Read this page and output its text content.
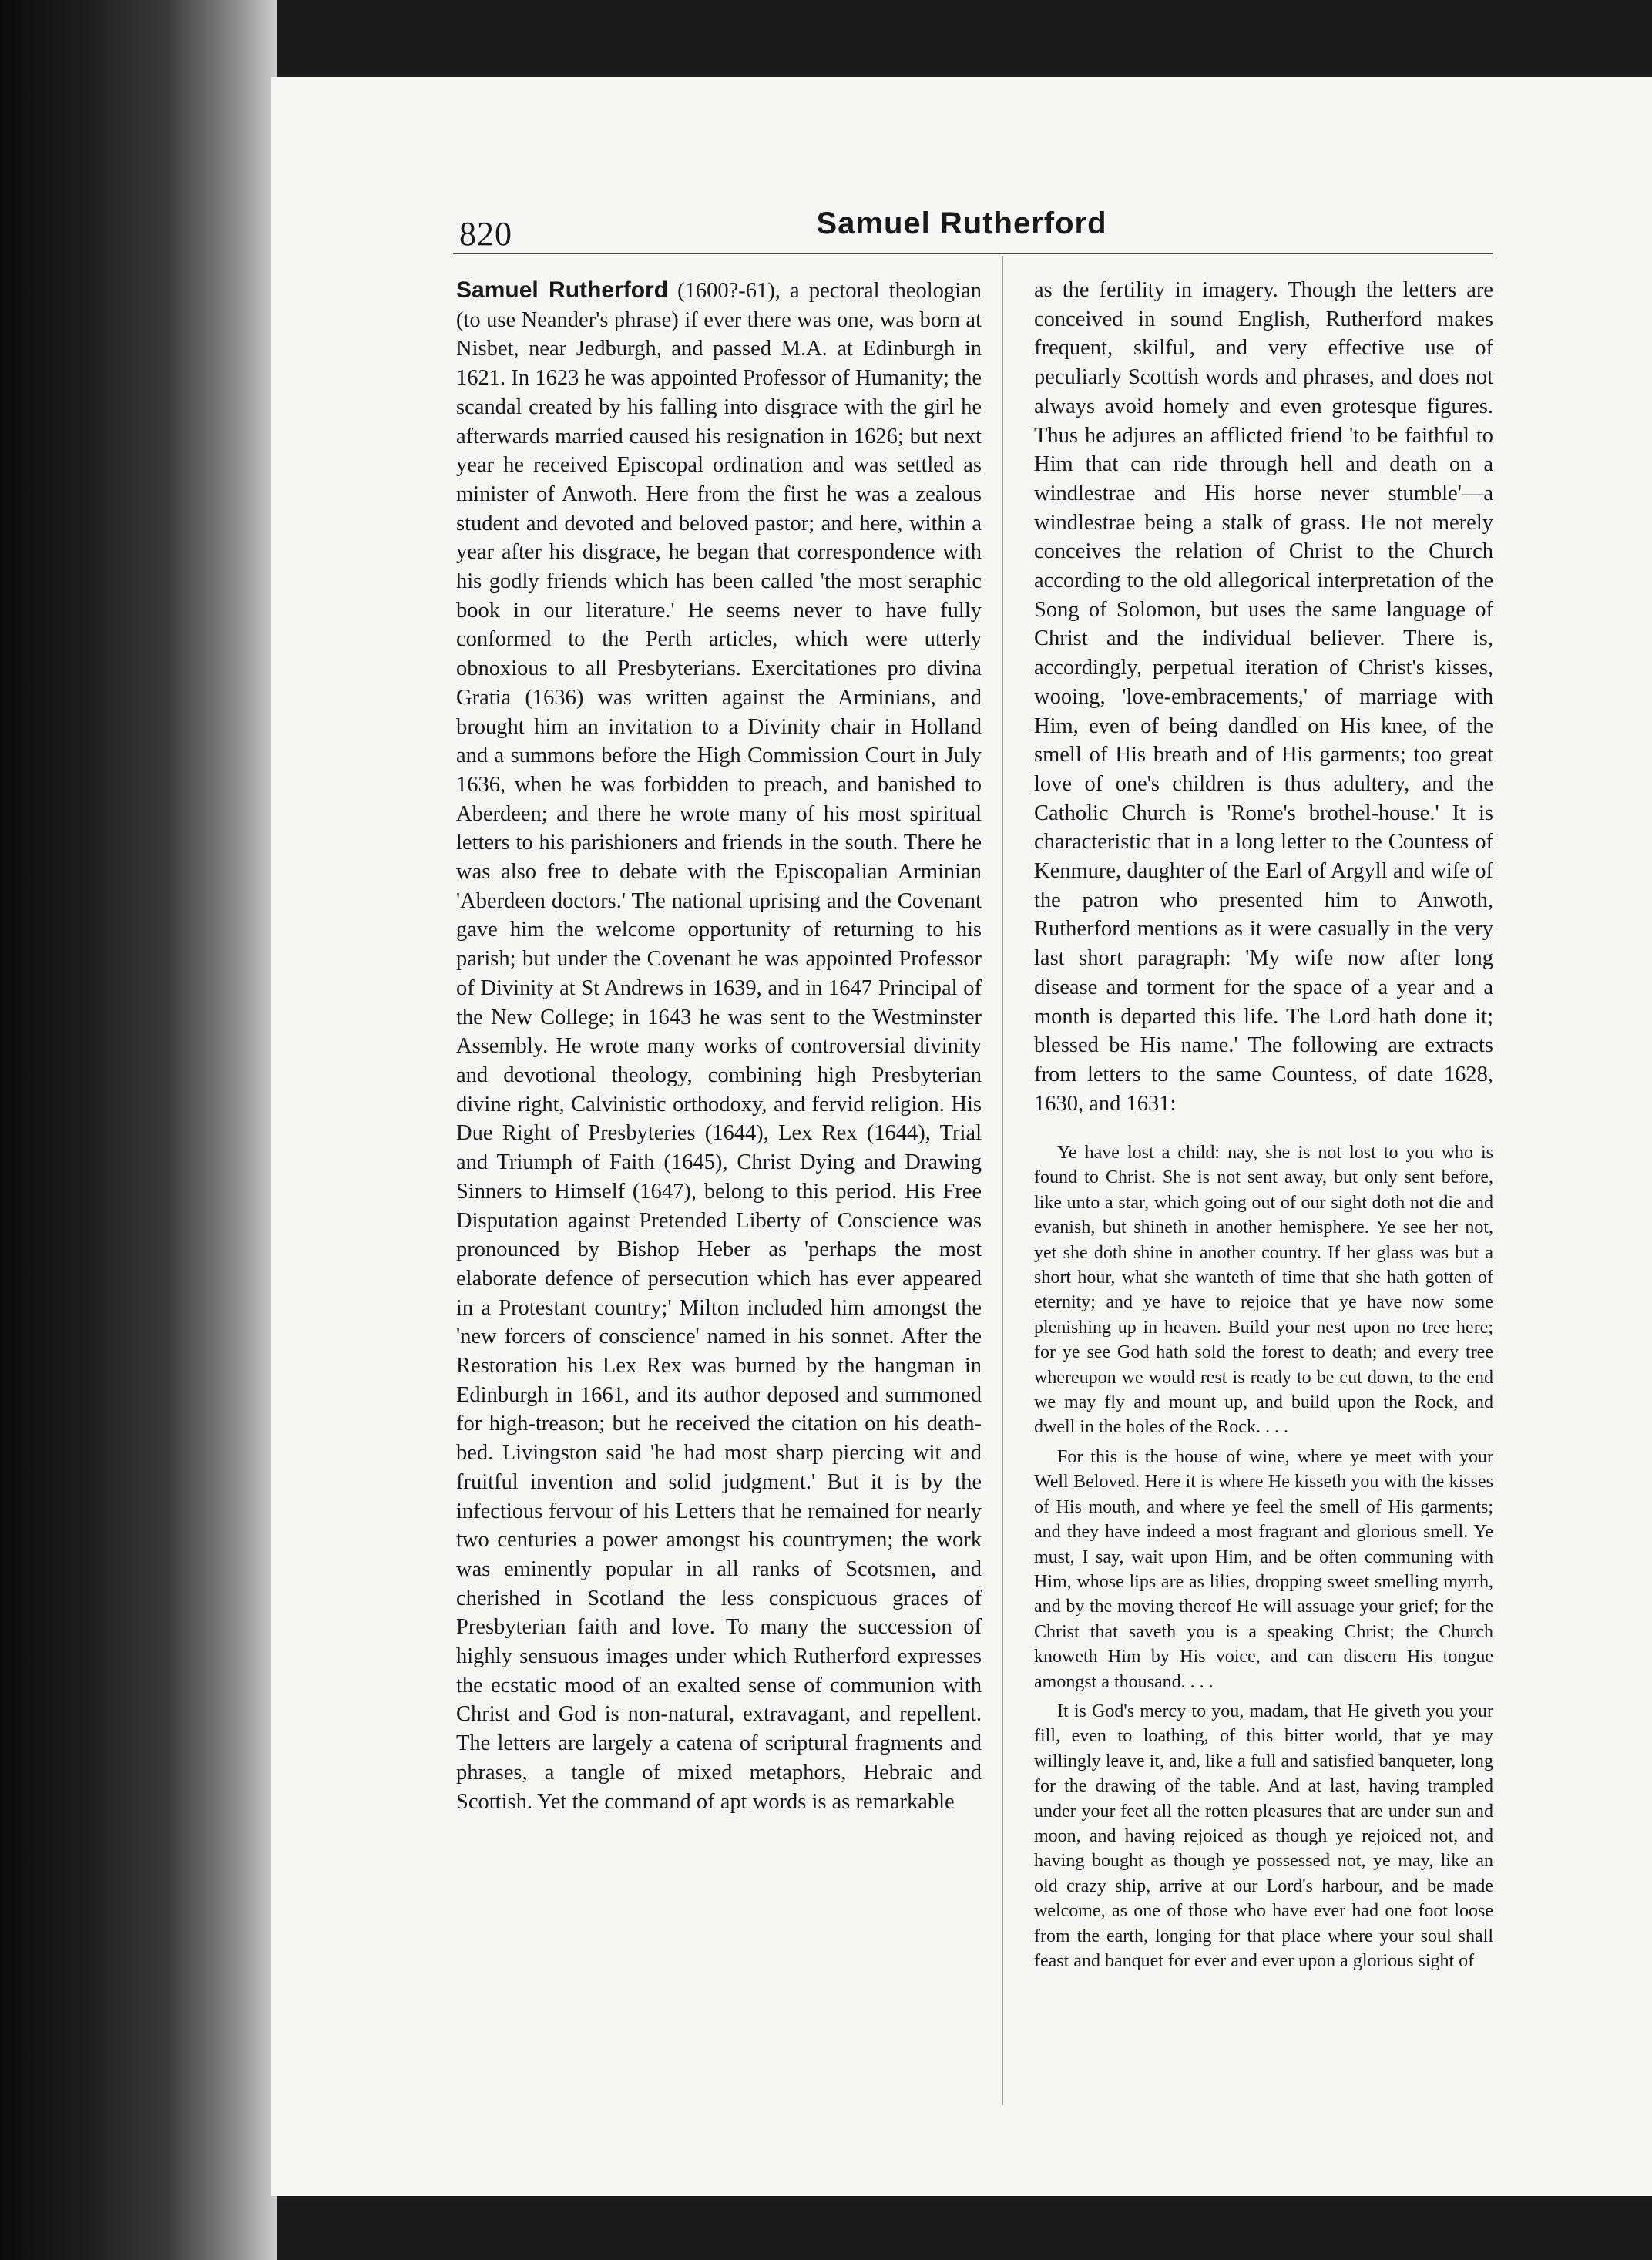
820	Samuel Rutherford

Samuel Rutherford (1600?-61), a pectoral theologian (to use Neander's phrase) if ever there was one, was born at Nisbet, near Jedburgh, and passed M.A. at Edinburgh in 1621. In 1623 he was appointed Professor of Humanity; the scandal created by his falling into disgrace with the girl he afterwards married caused his resignation in 1626; but next year he received Episcopal ordination and was settled as minister of Anwoth. Here from the first he was a zealous student and devoted and beloved pastor; and here, within a year after his disgrace, he began that correspondence with his godly friends which has been called 'the most seraphic book in our literature.' He seems never to have fully conformed to the Perth articles, which were utterly obnoxious to all Presbyterians. Exercitationes pro divina Gratia (1636) was written against the Arminians, and brought him an invitation to a Divinity chair in Holland and a summons before the High Commission Court in July 1636, when he was forbidden to preach, and banished to Aberdeen; and there he wrote many of his most spiritual letters to his parishioners and friends in the south. There he was also free to debate with the Episcopalian Arminian 'Aberdeen doctors.' The national uprising and the Covenant gave him the welcome opportunity of returning to his parish; but under the Covenant he was appointed Professor of Divinity at St Andrews in 1639, and in 1647 Principal of the New College; in 1643 he was sent to the Westminster Assembly. He wrote many works of controversial divinity and devotional theology, combining high Presbyterian divine right, Calvinistic orthodoxy, and fervid religion. His Due Right of Presbyteries (1644), Lex Rex (1644), Trial and Triumph of Faith (1645), Christ Dying and Drawing Sinners to Himself (1647), belong to this period. His Free Disputation against Pretended Liberty of Conscience was pronounced by Bishop Heber as 'perhaps the most elaborate defence of persecution which has ever appeared in a Protestant country;' Milton included him amongst the 'new forcers of conscience' named in his sonnet. After the Restoration his Lex Rex was burned by the hangman in Edinburgh in 1661, and its author deposed and summoned for high-treason; but he received the citation on his death-bed. Livingston said 'he had most sharp piercing wit and fruitful invention and solid judgment.' But it is by the infectious fervour of his Letters that he remained for nearly two centuries a power amongst his countrymen; the work was eminently popular in all ranks of Scotsmen, and cherished in Scotland the less conspicuous graces of Presbyterian faith and love. To many the succession of highly sensuous images under which Rutherford expresses the ecstatic mood of an exalted sense of communion with Christ and God is non-natural, extravagant, and repellent. The letters are largely a catena of scriptural fragments and phrases, a tangle of mixed metaphors, Hebraic and Scottish. Yet the command of apt words is as remarkable

as the fertility in imagery. Though the letters are conceived in sound English, Rutherford makes frequent, skilful, and very effective use of peculiarly Scottish words and phrases, and does not always avoid homely and even grotesque figures. Thus he adjures an afflicted friend 'to be faithful to Him that can ride through hell and death on a windlestrae and His horse never stumble'—a windlestrae being a stalk of grass. He not merely conceives the relation of Christ to the Church according to the old allegorical interpretation of the Song of Solomon, but uses the same language of Christ and the individual believer. There is, accordingly, perpetual iteration of Christ's kisses, wooing, 'love-embracements,' of marriage with Him, even of being dandled on His knee, of the smell of His breath and of His garments; too great love of one's children is thus adultery, and the Catholic Church is 'Rome's brothel-house.' It is characteristic that in a long letter to the Countess of Kenmure, daughter of the Earl of Argyll and wife of the patron who presented him to Anwoth, Rutherford mentions as it were casually in the very last short paragraph: 'My wife now after long disease and torment for the space of a year and a month is departed this life. The Lord hath done it; blessed be His name.' The following are extracts from letters to the same Countess, of date 1628, 1630, and 1631:

Ye have lost a child: nay, she is not lost to you who is found to Christ. She is not sent away, but only sent before, like unto a star, which going out of our sight doth not die and evanish, but shineth in another hemisphere. Ye see her not, yet she doth shine in another country. If her glass was but a short hour, what she wanteth of time that she hath gotten of eternity; and ye have to rejoice that ye have now some plenishing up in heaven. Build your nest upon no tree here; for ye see God hath sold the forest to death; and every tree whereupon we would rest is ready to be cut down, to the end we may fly and mount up, and build upon the Rock, and dwell in the holes of the Rock. . . .

For this is the house of wine, where ye meet with your Well Beloved. Here it is where He kisseth you with the kisses of His mouth, and where ye feel the smell of His garments; and they have indeed a most fragrant and glorious smell. Ye must, I say, wait upon Him, and be often communing with Him, whose lips are as lilies, dropping sweet smelling myrrh, and by the moving thereof He will assuage your grief; for the Christ that saveth you is a speaking Christ; the Church knoweth Him by His voice, and can discern His tongue amongst a thousand. . . .

It is God's mercy to you, madam, that He giveth you your fill, even to loathing, of this bitter world, that ye may willingly leave it, and, like a full and satisfied banqueter, long for the drawing of the table. And at last, having trampled under your feet all the rotten pleasures that are under sun and moon, and having rejoiced as though ye rejoiced not, and having bought as though ye possessed not, ye may, like an old crazy ship, arrive at our Lord's harbour, and be made welcome, as one of those who have ever had one foot loose from the earth, longing for that place where your soul shall feast and banquet for ever and ever upon a glorious sight of
